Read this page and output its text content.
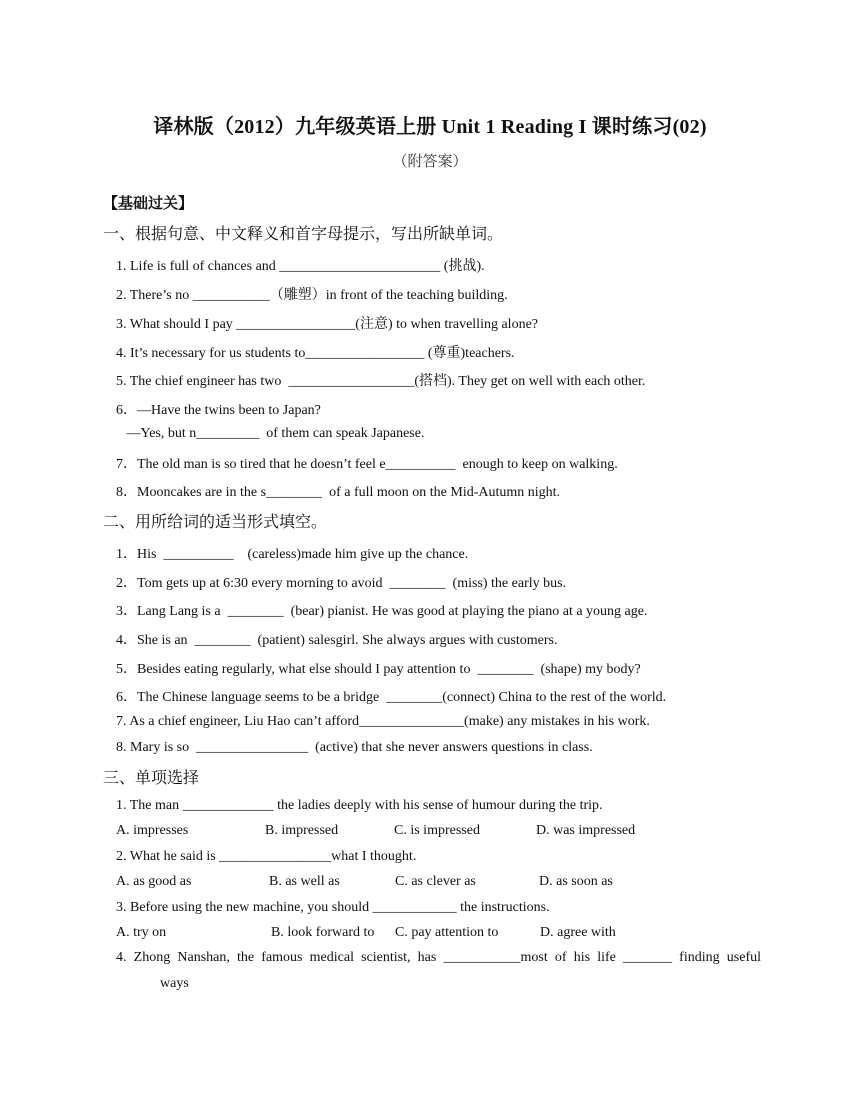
译林版（2012）九年级英语上册 Unit 1 Reading I 课时练习(02)
（附答案）
【基础过关】
一、根据句意、中文释义和首字母提示，写出所缺单词。
1. Life is full of chances and _______________________ (挑战).
2. There’s no ___________（雕塑）in front of the teaching building.
3. What should I pay _________________(注意) to when travelling alone?
4. It’s necessary for us students to_________________ (尊重)teachers.
5. The chief engineer has two  __________________(搭档). They get on well with each other.
6．—Have the twins been to Japan?
—Yes, but n_________  of them can speak Japanese.
7．The old man is so tired that he doesn’t feel e__________  enough to keep on walking.
8．Mooncakes are in the s________  of a full moon on the Mid-Autumn night.
二、用所给词的适当形式填空。
1．His  __________    (careless)made him give up the chance.
2．Tom gets up at 6:30 every morning to avoid  ________  (miss) the early bus.
3．Lang Lang is a  ________  (bear) pianist. He was good at playing the piano at a young age.
4．She is an  ________  (patient) salesgirl. She always argues with customers.
5．Besides eating regularly, what else should I pay attention to  ________  (shape) my body?
6．The Chinese language seems to be a bridge  ________(connect) China to the rest of the world.
7. As a chief engineer, Liu Hao can’t afford_______________(make) any mistakes in his work.
8. Mary is so  ________________  (active) that she never answers questions in class.
三、单项选择
1. The man _____________ the ladies deeply with his sense of humour during the trip.
A. impresses	B. impressed	C. is impressed	D. was impressed
2. What he said is ________________what I thought.
A. as good as	B. as well as	C. as clever as	D. as soon as
3. Before using the new machine, you should ____________ the instructions.
A. try on	B. look forward to C. pay attention to	D. agree with
4. Zhong Nanshan, the famous medical scientist, has ___________most of his life _______ finding useful
ways
